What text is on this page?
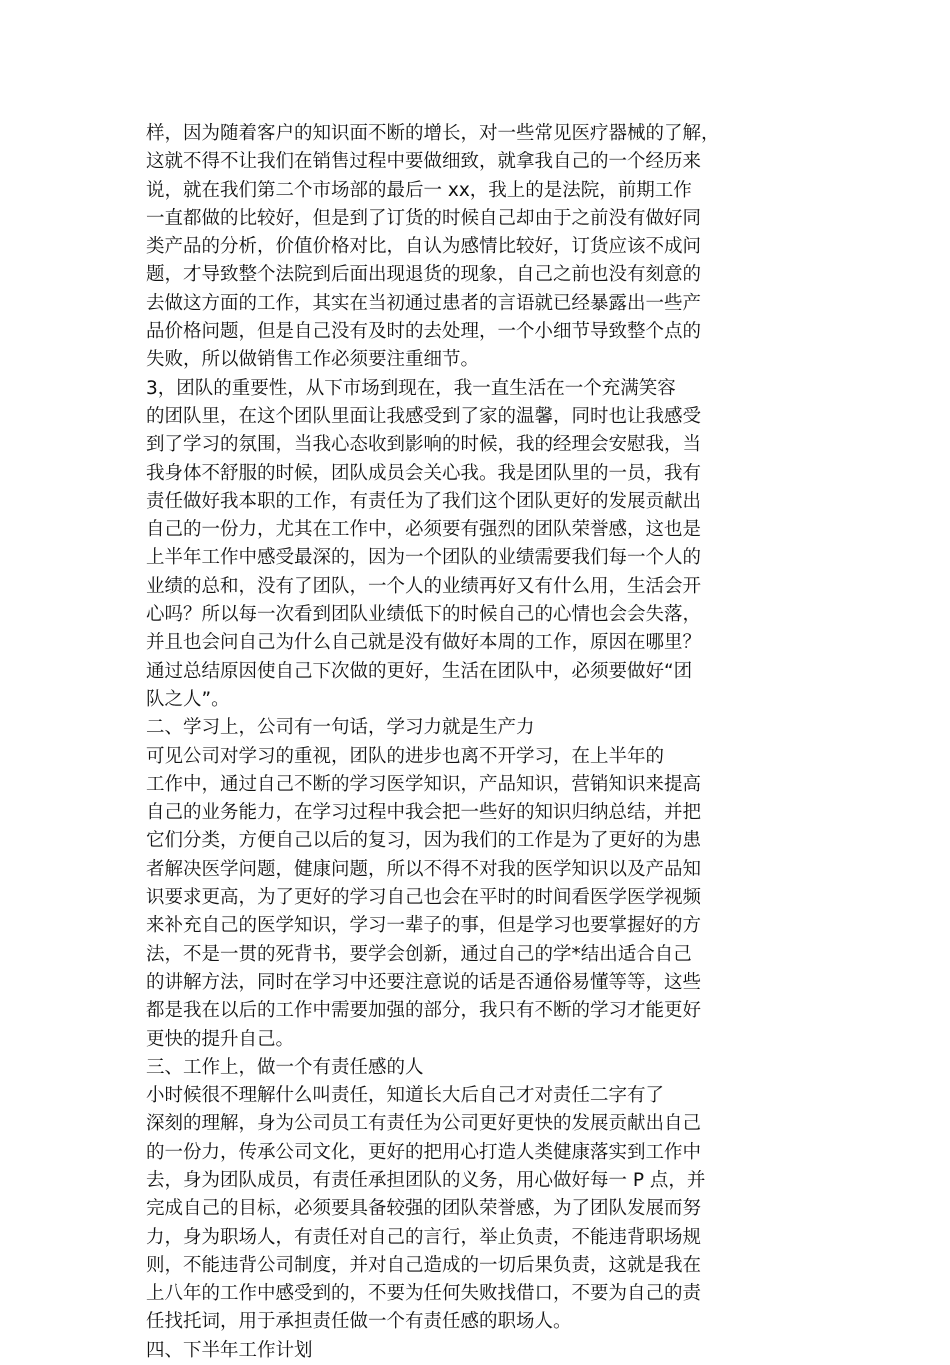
样，因为随着客户的知识面不断的增长，对一些常见医疗器械的了解，
这就不得不让我们在销售过程中要做细致，就拿我自己的一个经历来
说，就在我们第二个市场部的最后一 xx，我上的是法院，前期工作
一直都做的比较好，但是到了订货的时候自己却由于之前没有做好同
类产品的分析，价值价格对比，自认为感情比较好，订货应该不成问
题，才导致整个法院到后面出现退货的现象，自己之前也没有刻意的
去做这方面的工作，其实在当初通过患者的言语就已经暴露出一些产
品价格问题，但是自己没有及时的去处理，一个小细节导致整个点的
失败，所以做销售工作必须要注重细节。
3，团队的重要性，从下市场到现在，我一直生活在一个充满笑容
的团队里，在这个团队里面让我感受到了家的温馨，同时也让我感受
到了学习的氛围，当我心态收到影响的时候，我的经理会安慰我，当
我身体不舒服的时候，团队成员会关心我。我是团队里的一员，我有
责任做好我本职的工作，有责任为了我们这个团队更好的发展贡献出
自己的一份力，尤其在工作中，必须要有强烈的团队荣誉感，这也是
上半年工作中感受最深的，因为一个团队的业绩需要我们每一个人的
业绩的总和，没有了团队，一个人的业绩再好又有什么用，生活会开
心吗？所以每一次看到团队业绩低下的时候自己的心情也会会失落，
并且也会问自己为什么自己就是没有做好本周的工作，原因在哪里？
通过总结原因使自己下次做的更好，生活在团队中，必须要做好“团
队之人”。
二、学习上，公司有一句话，学习力就是生产力
可见公司对学习的重视，团队的进步也离不开学习，在上半年的
工作中，通过自己不断的学习医学知识，产品知识，营销知识来提高
自己的业务能力，在学习过程中我会把一些好的知识归纳总结，并把
它们分类，方便自己以后的复习，因为我们的工作是为了更好的为患
者解决医学问题，健康问题，所以不得不对我的医学知识以及产品知
识要求更高，为了更好的学习自己也会在平时的时间看医学医学视频
来补充自己的医学知识，学习一辈子的事，但是学习也要掌握好的方
法，不是一贯的死背书，要学会创新，通过自己的学*结出适合自己
的讲解方法，同时在学习中还要注意说的话是否通俗易懂等等，这些
都是我在以后的工作中需要加强的部分，我只有不断的学习才能更好
更快的提升自己。
三、工作上，做一个有责任感的人
小时候很不理解什么叫责任，知道长大后自己才对责任二字有了
深刻的理解，身为公司员工有责任为公司更好更快的发展贡献出自己
的一份力，传承公司文化，更好的把用心打造人类健康落实到工作中
去，身为团队成员，有责任承担团队的义务，用心做好每一 P 点，并
完成自己的目标，必须要具备较强的团队荣誉感，为了团队发展而努
力，身为职场人，有责任对自己的言行，举止负责，不能违背职场规
则，不能违背公司制度，并对自己造成的一切后果负责，这就是我在
上八年的工作中感受到的，不要为任何失败找借口，不要为自己的责
任找托词，用于承担责任做一个有责任感的职场人。
四、下半年工作计划
